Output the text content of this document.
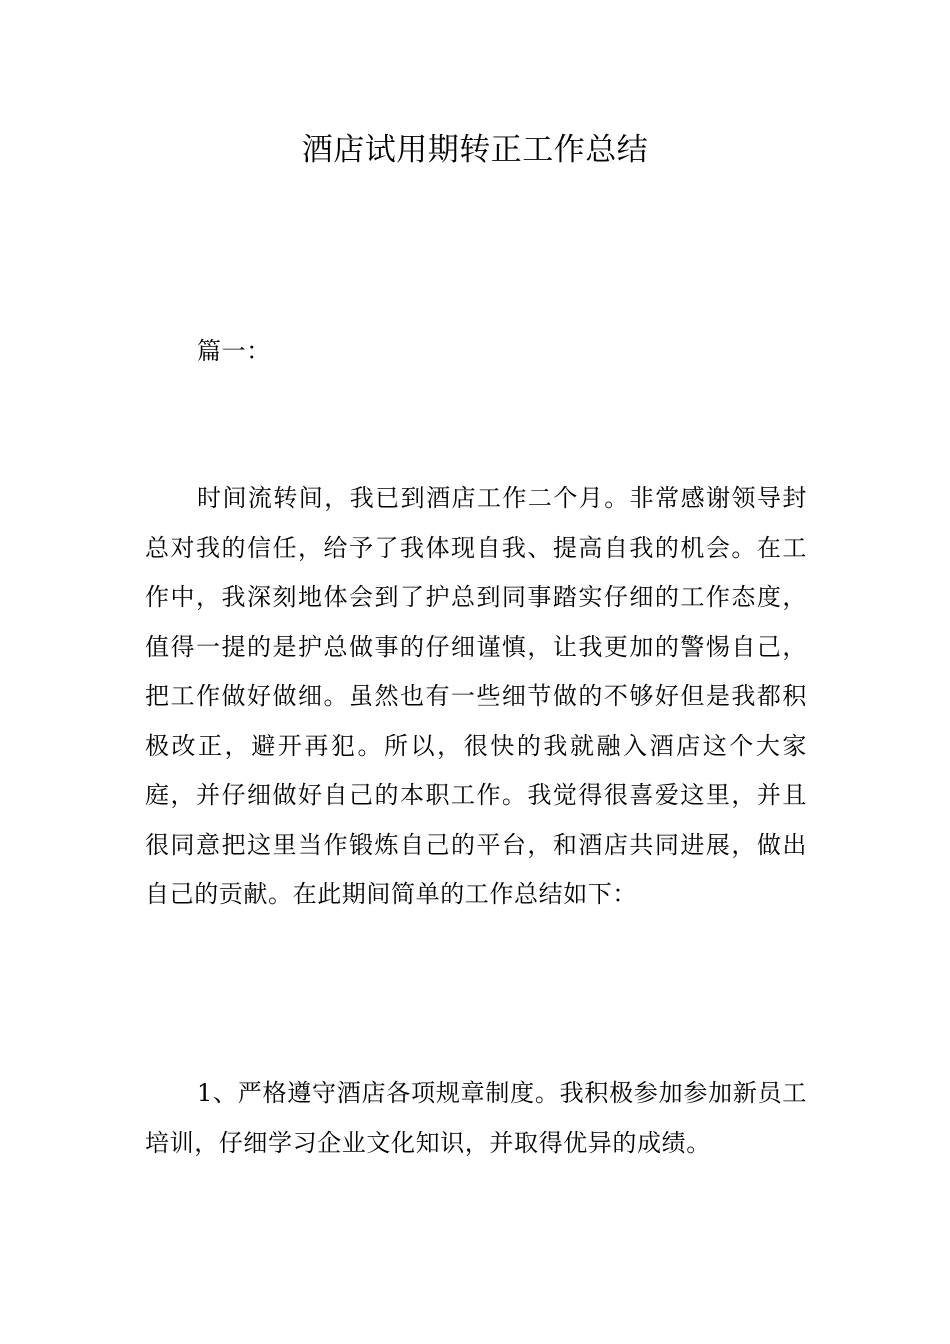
酒店试用期转正工作总结

篇一：

时间流转间，我已到酒店工作二个月。非常感谢领导封总对我的信任，给予了我体现自我、提高自我的机会。在工作中，我深刻地体会到了护总到同事踏实仔细的工作态度，值得一提的是护总做事的仔细谨慎，让我更加的警惕自己，把工作做好做细。虽然也有一些细节做的不够好但是我都积极改正，避开再犯。所以，很快的我就融入酒店这个大家庭，并仔细做好自己的本职工作。我觉得很喜爱这里，并且很同意把这里当作锻炼自己的平台，和酒店共同进展，做出自己的贡献。在此期间简单的工作总结如下：

1、严格遵守酒店各项规章制度。我积极参加参加新员工培训，仔细学习企业文化知识，并取得优异的成绩。
